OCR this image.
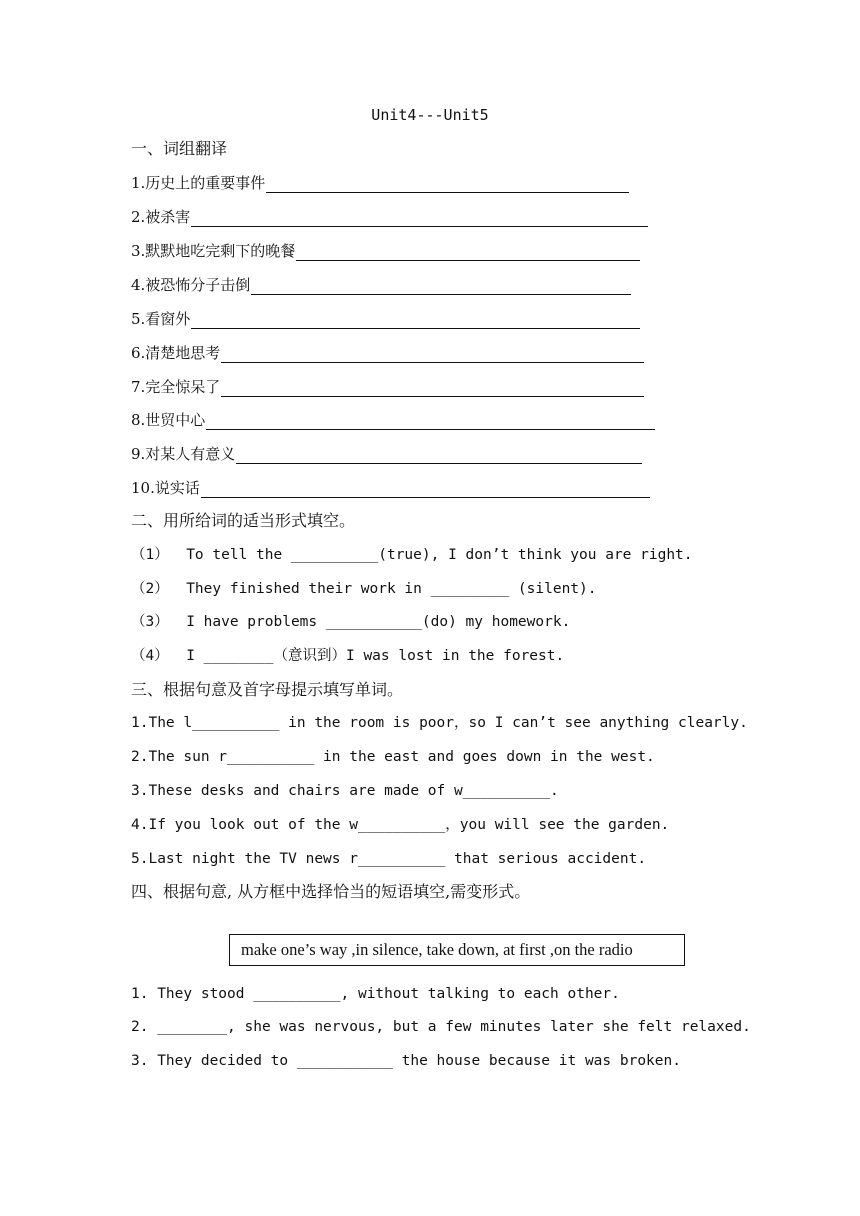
Unit4---Unit5
一、词组翻译
1.历史上的重要事件
2.被杀害
3.默默地吃完剩下的晚餐
4.被恐怖分子击倒
5.看窗外
6.清楚地思考
7.完全惊呆了
8.世贸中心
9.对某人有意义
10.说实话
二、用所给词的适当形式填空。
（1）  To tell the __________(true), I don’t think you are right.
（2）  They finished their work in _________ (silent).
（3）  I have problems ___________(do) my homework.
（4）  I ________（意识到）I was lost in the forest.
三、根据句意及首字母提示填写单词。
1.The l__________ in the room is poor，so I can’t see anything clearly.
2.The sun r__________ in the east and goes down in the west.
3.These desks and chairs are made of w__________.
4.If you look out of the w__________，you will see the garden.
5.Last night the TV news r__________ that serious accident.
四、根据句意, 从方框中选择恰当的短语填空,需变形式。
make one’s way ,in silence, take down, at first ,on the radio
1. They stood __________, without talking to each other.
2. ________, she was nervous, but a few minutes later she felt relaxed.
3. They decided to ___________ the house because it was broken.
